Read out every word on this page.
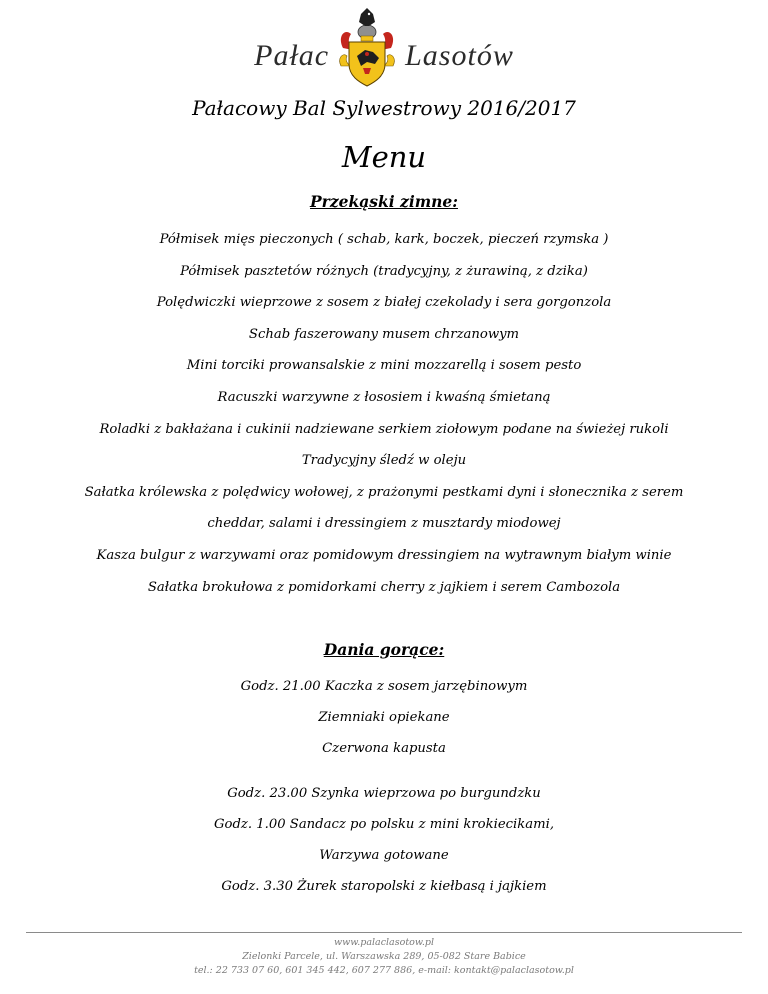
Pałac	Lasotów
Pałacowy Bal Sylwestrowy 2016/2017
Menu
Przekąski zimne:
Półmisek mięs pieczonych ( schab, kark, boczek, pieczeń rzymska )
Półmisek pasztetów różnych (tradycyjny, z żurawiną, z dzika)
Polędwiczki wieprzowe z sosem z białej czekolady i sera gorgonzola
Schab faszerowany musem chrzanowym
Mini torciki prowansalskie z mini mozzarellą i sosem pesto
Racuszki warzywne z łososiem i kwaśną śmietaną
Roladki z bakłażana i cukinii nadziewane serkiem ziołowym podane na świeżej rukoli
Tradycyjny śledź w oleju
Sałatka królewska z polędwicy wołowej, z prażonymi pestkami dyni i słonecznika z serem
cheddar, salami i dressingiem z musztardy miodowej
Kasza bulgur z warzywami oraz pomidowym dressingiem na wytrawnym białym winie
Sałatka brokułowa z pomidorkami cherry z jajkiem i serem Cambozola
Dania gorące:
Godz. 21.00 Kaczka z sosem jarzębinowym
Ziemniaki opiekane
Czerwona kapusta
Godz. 23.00 Szynka wieprzowa po burgundzku
Godz. 1.00 Sandacz po polsku z mini krokiecikami,
Warzywa gotowane
Godz. 3.30 Żurek staropolski z kiełbasą i jajkiem
www.palaclasotow.pl
Zielonki Parcele, ul. Warszawska 289, 05-082 Stare Babice
tel.: 22 733 07 60, 601 345 442, 607 277 886, e-mail: kontakt@palaclasotow.pl
